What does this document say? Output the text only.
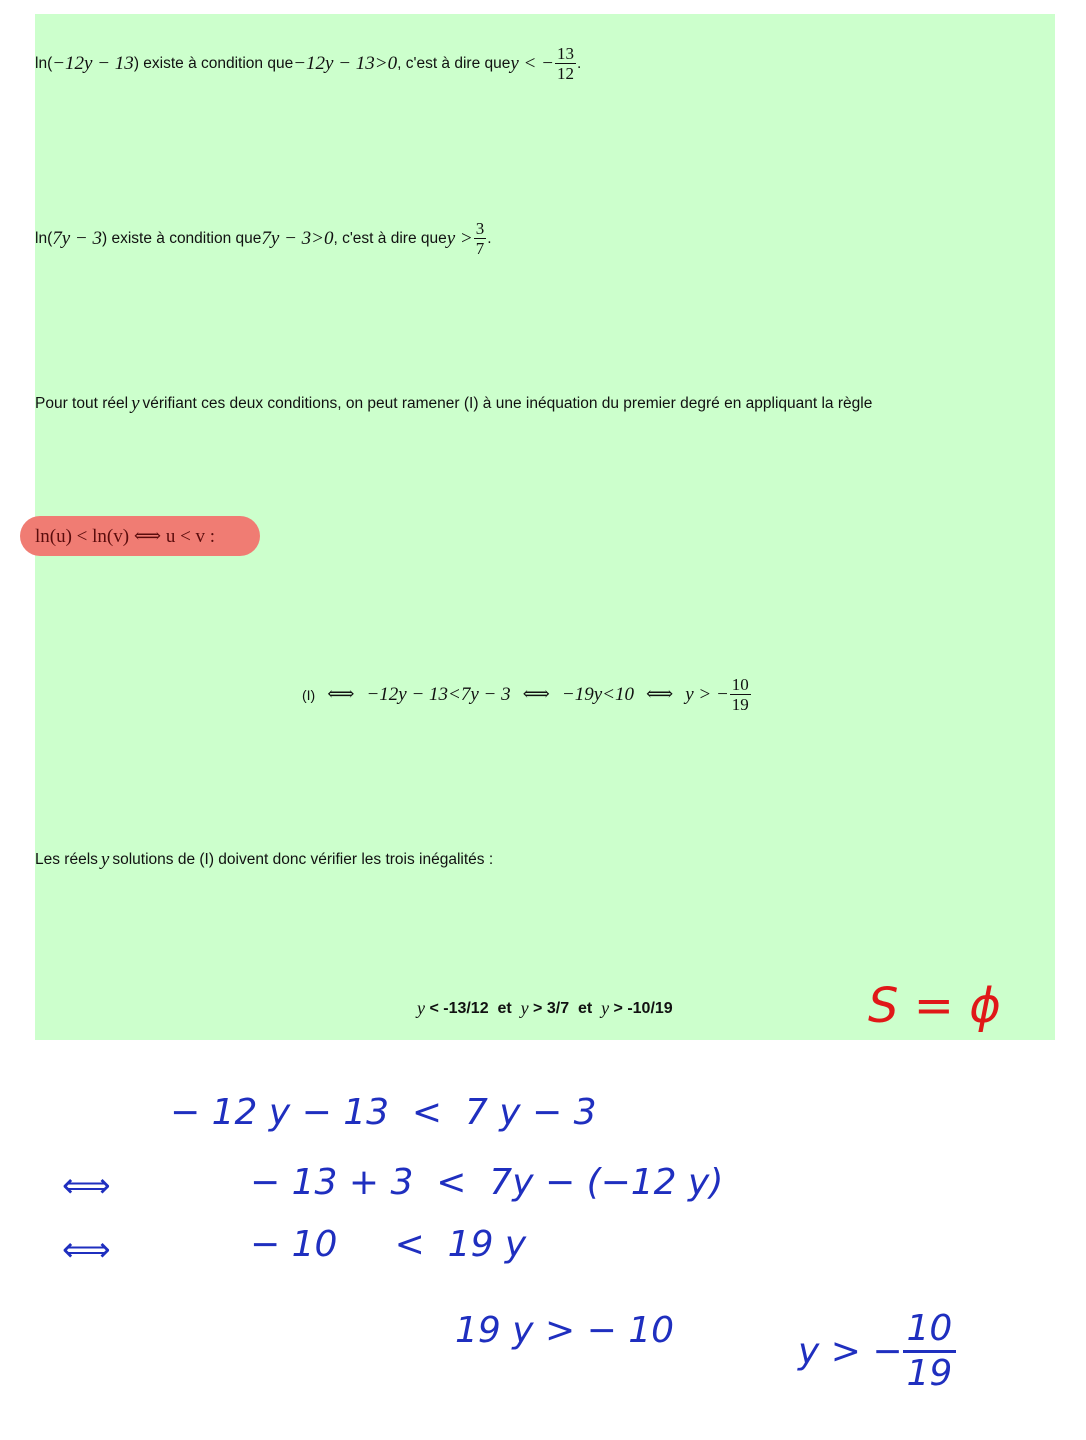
ln( −12y − 13 ) existe à condition que −12y − 13>0 , c'est à dire que y < − $\frac{13}{12}$ .
ln( 7y − 3 ) existe à condition que 7y − 3>0 , c'est à dire que $y > \frac{3}{7}$ .
Pour tout réel y vérifiant ces deux conditions, on peut ramener (I) à une inéquation du premier degré en appliquant la règle
ln(u) < ln(v) ⟺ u < v :
(I) ⟺ −12y − 13<7y − 3 ⟺ −19y<10 ⟺ y > − $\frac{10}{19}$
Les réels y solutions de (I) doivent donc vérifier les trois inégalités :
y < -13/12  et y > 3/7  et y > -10/19	S = ϕ
− 12 y − 13  <  7 y − 3
⟺	− 13 + 3  <  7y − (−12 y)
⟺	− 10     <  19 y
19 y > − 10
y > − $\frac{10}{19}$
